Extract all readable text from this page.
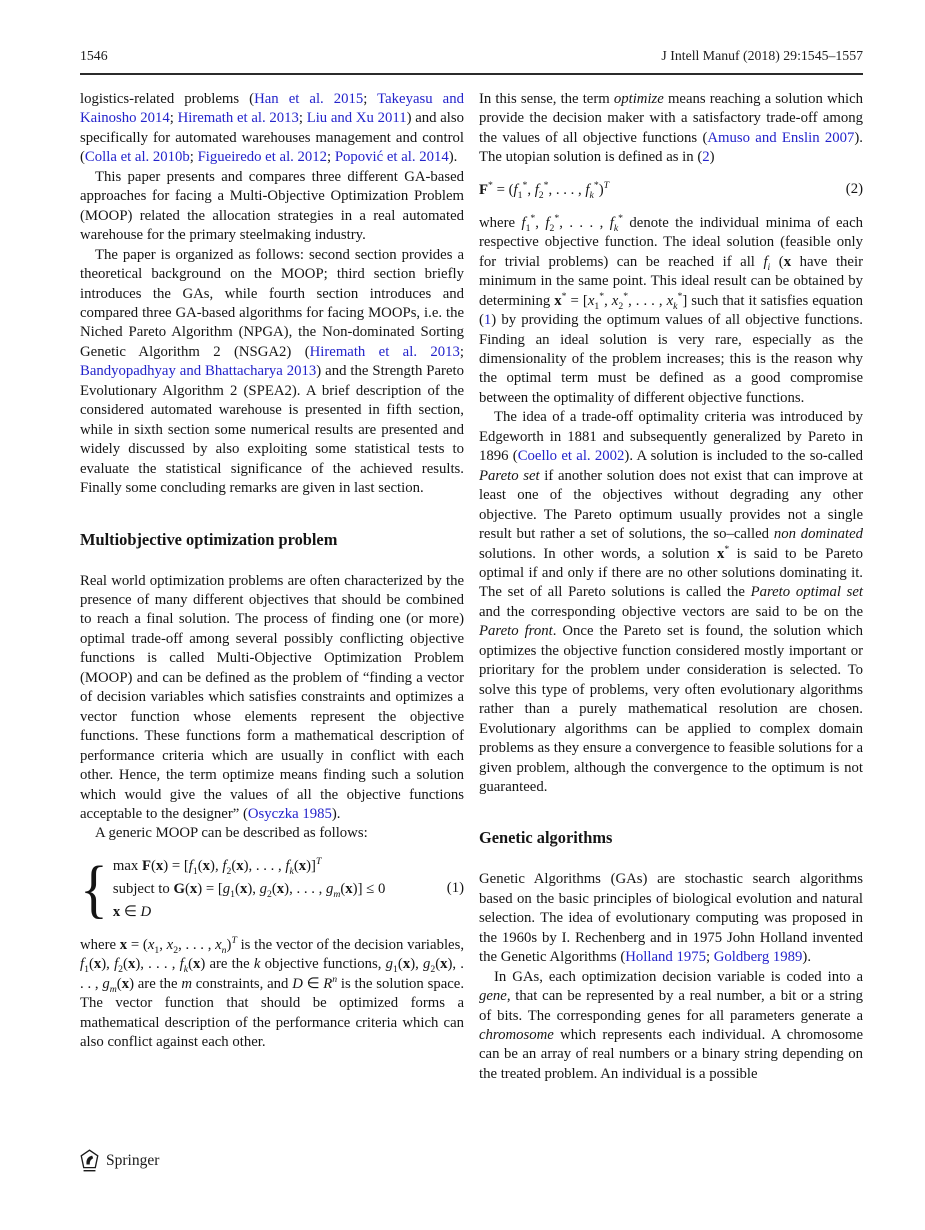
1546	J Intell Manuf (2018) 29:1545–1557

logistics-related problems (Han et al. 2015; Takeyasu and Kainosho 2014; Hiremath et al. 2013; Liu and Xu 2011) and also specifically for automated warehouses management and control (Colla et al. 2010b; Figueiredo et al. 2012; Popović et al. 2014).

This paper presents and compares three different GA-based approaches for facing a Multi-Objective Optimization Problem (MOOP) related the allocation strategies in a real automated warehouse for the primary steelmaking industry.

The paper is organized as follows: second section provides a theoretical background on the MOOP; third section briefly introduces the GAs, while fourth section introduces and compared three GA-based algorithms for facing MOOPs, i.e. the Niched Pareto Algorithm (NPGA), the Non-dominated Sorting Genetic Algorithm 2 (NSGA2) (Hiremath et al. 2013; Bandyopadhyay and Bhattacharya 2013) and the Strength Pareto Evolutionary Algorithm 2 (SPEA2). A brief description of the considered automated warehouse is presented in fifth section, while in sixth section some numerical results are presented and widely discussed by also exploiting some statistical tests to evaluate the statistical significance of the achieved results. Finally some concluding remarks are given in last section.

Multiobjective optimization problem

Real world optimization problems are often characterized by the presence of many different objectives that should be combined to reach a final solution. The process of finding one (or more) optimal trade-off among several possibly conflicting objective functions is called Multi-Objective Optimization Problem (MOOP) and can be defined as the problem of “finding a vector of decision variables which satisfies constraints and optimizes a vector function whose elements represent the objective functions. These functions form a mathematical description of performance criteria which are usually in conflict with each other. Hence, the term optimize means finding such a solution which would give the values of all the objective functions acceptable to the designer” (Osyczka 1985).

A generic MOOP can be described as follows:

{ $\max F(x) = [f_1(x)$, $f_2(x)$, . . . , $f_k(x)]^T$
subject to $G(x) = [g_1(x)$, $g_2(x)$, . . . , $g_m(x)] \le 0$
x ∈ D
(1)

where $x = (x_1$, $x_2$, . . . , $x_n)^T$ is the vector of the decision variables, $f_1(x)$, $f_2(x)$, . . . , $f_k(x)$ are the k objective functions, $g_1(x)$, $g_2(x)$, . . . , $g_m(x)$ are the m constraints, and D ∈ $R^n$ is the solution space. The vector function that should be optimized forms a mathematical description of the performance criteria which can also conflict against each other.

In this sense, the term optimize means reaching a solution which provide the decision maker with a satisfactory trade-off among the values of all objective functions (Amuso and Enslin 2007). The utopian solution is defined as in (2)

$F^* = (f_1^*$, $f_2^*$, . . . , $f_k^*)^T$	(2)

where $f_1^*$, $f_2^*$, . . . , $f_k^*$ denote the individual minima of each respective objective function. The ideal solution (feasible only for trivial problems) can be reached if all $f_i$ (x have their minimum in the same point. This ideal result can be obtained by determining $x^* = [x_1^*$, $x_2^*$, . . . , $x_k^*$] such that it satisfies equation (1) by providing the optimum values of all objective functions. Finding an ideal solution is very rare, especially as the dimensionality of the problem increases; this is the reason why the optimal term must be defined as a good compromise between the optimality of different objective functions.

The idea of a trade-off optimality criteria was introduced by Edgeworth in 1881 and subsequently generalized by Pareto in 1896 (Coello et al. 2002). A solution is included to the so-called Pareto set if another solution does not exist that can improve at least one of the objectives without degrading any other objective. The Pareto optimum usually provides not a single result but rather a set of solutions, the so–called non dominated solutions. In other words, a solution x* is said to be Pareto optimal if and only if there are no other solutions dominating it. The set of all Pareto solutions is called the Pareto optimal set and the corresponding objective vectors are said to be on the Pareto front. Once the Pareto set is found, the solution which optimizes the objective function considered mostly important or prioritary for the problem under consideration is selected. To solve this type of problems, very often evolutionary algorithms rather than a purely mathematical resolution are chosen. Evolutionary algorithms can be applied to complex domain problems as they ensure a convergence to feasible solutions for a given problem, although the convergence to the optimum is not guaranteed.

Genetic algorithms

Genetic Algorithms (GAs) are stochastic search algorithms based on the basic principles of biological evolution and natural selection. The idea of evolutionary computing was proposed in the 1960s by I. Rechenberg and in 1975 John Holland invented the Genetic Algorithms (Holland 1975; Goldberg 1989).

In GAs, each optimization decision variable is coded into a gene, that can be represented by a real number, a bit or a string of bits. The corresponding genes for all parameters generate a chromosome which represents each individual. A chromosome can be an array of real numbers or a binary string depending on the treated problem. An individual is a possible

Springer
